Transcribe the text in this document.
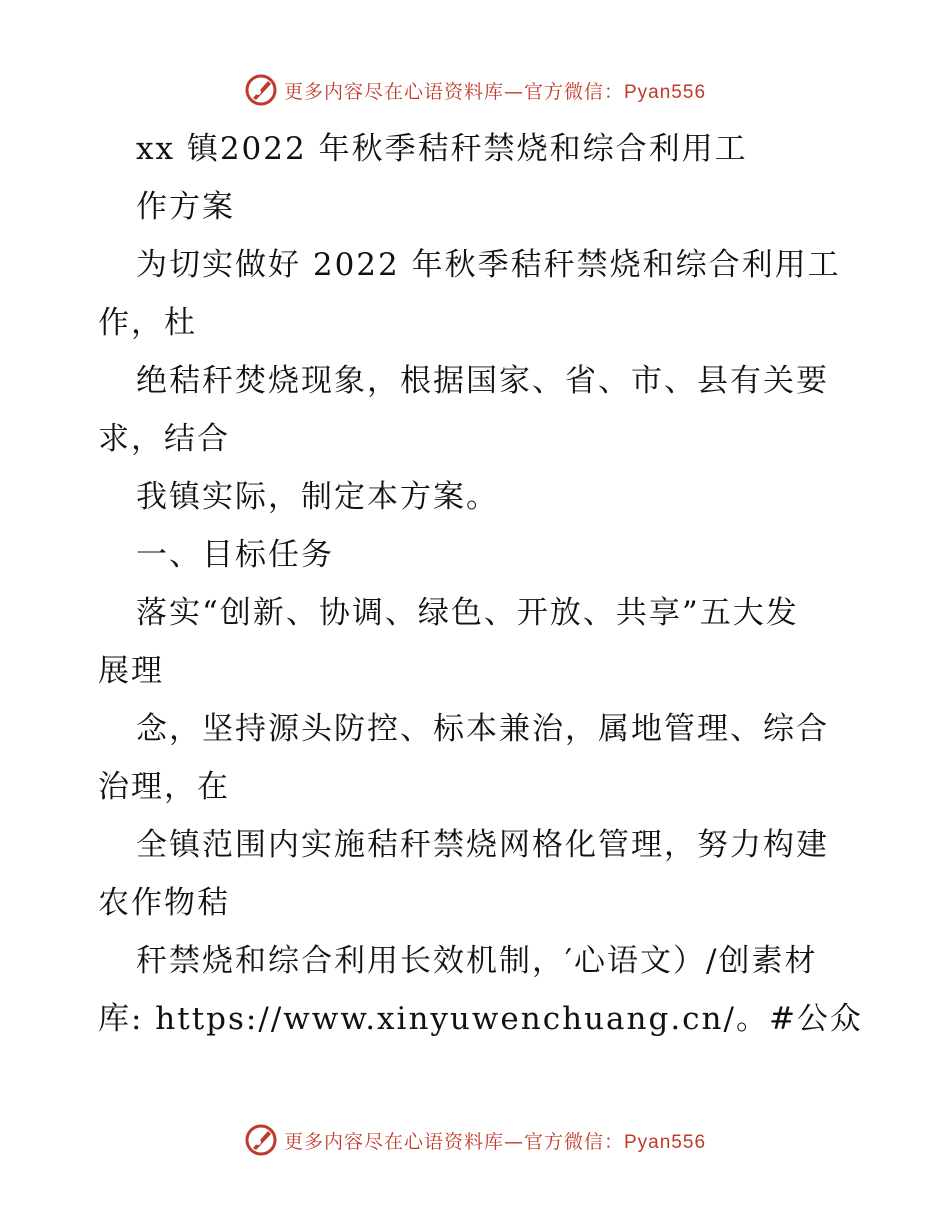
更多内容尽在心语资料库—官方微信：Pyan556
xx 镇2022 年秋季秸秆禁烧和综合利用工
作方案
为切实做好 2022 年秋季秸秆禁烧和综合利用工
作，杜
绝秸秆焚烧现象，根据国家、省、市、县有关要
求，结合
我镇实际，制定本方案。
一、目标任务
落实“创新、协调、绿色、开放、共享”五大发
展理
念，坚持源头防控、标本兼治，属地管理、综合
治理，在
全镇范围内实施秸秆禁烧网格化管理，努力构建
农作物秸
秆禁烧和综合利用长效机制，′心语文）/创素材
库: https://www.xinyuwenchuang.cn/。#公众
更多内容尽在心语资料库—官方微信：Pyan556
